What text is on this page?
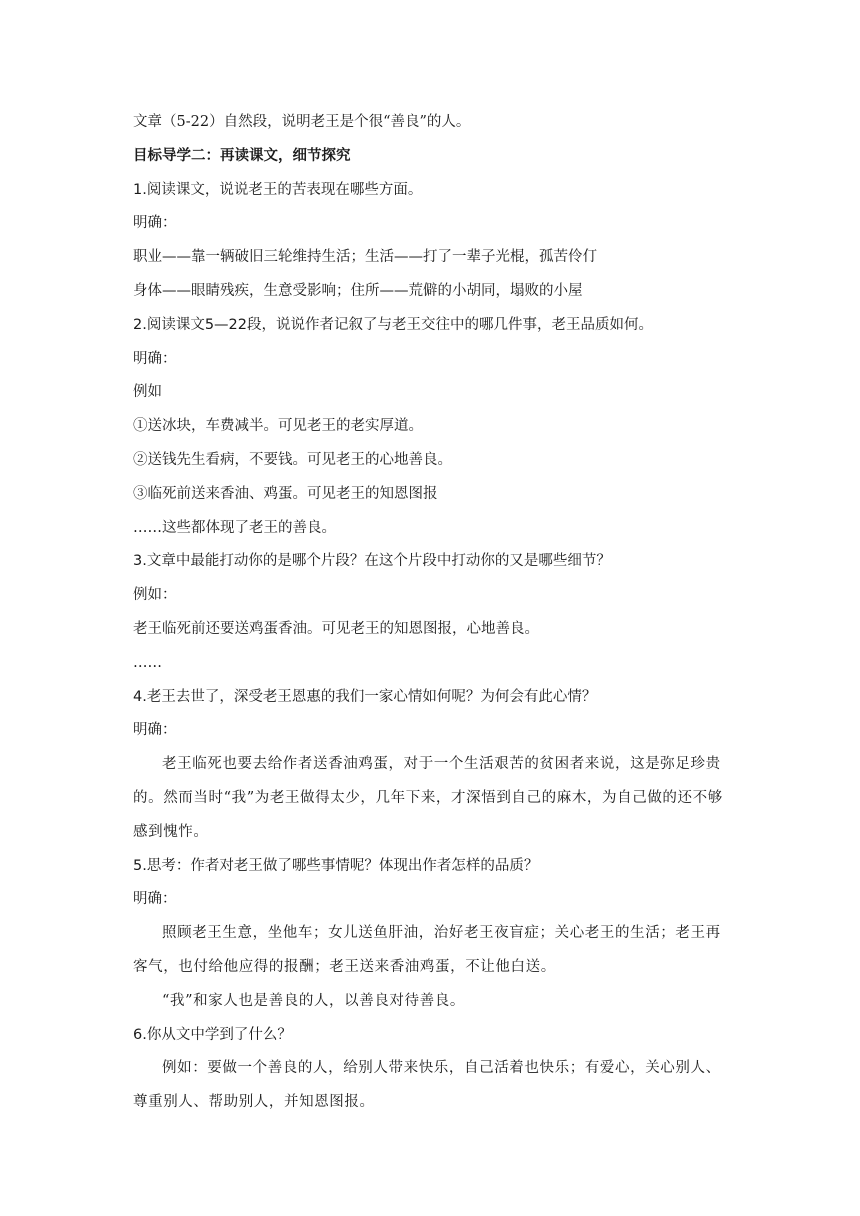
文章（5-22）自然段，说明老王是个很“善良”的人。

目标导学二：再读课文，细节探究

1.阅读课文，说说老王的苦表现在哪些方面。

明确：

职业——靠一辆破旧三轮维持生活；生活——打了一辈子光棍，孤苦伶仃

身体——眼睛残疾，生意受影响；住所——荒僻的小胡同，塌败的小屋

2.阅读课文5—22段，说说作者记叙了与老王交往中的哪几件事，老王品质如何。

明确：

例如

①送冰块，车费减半。可见老王的老实厚道。

②送钱先生看病，不要钱。可见老王的心地善良。

③临死前送来香油、鸡蛋。可见老王的知恩图报

……这些都体现了老王的善良。

3.文章中最能打动你的是哪个片段？在这个片段中打动你的又是哪些细节？

例如：

老王临死前还要送鸡蛋香油。可见老王的知恩图报，心地善良。

……

4.老王去世了，深受老王恩惠的我们一家心情如何呢？为何会有此心情？

明确：

老王临死也要去给作者送香油鸡蛋，对于一个生活艰苦的贫困者来说，这是弥足珍贵的。然而当时“我”为老王做得太少，几年下来，才深悟到自己的麻木，为自己做的还不够感到愧怍。

5.思考：作者对老王做了哪些事情呢？体现出作者怎样的品质？

明确：

照顾老王生意，坐他车；女儿送鱼肝油，治好老王夜盲症；关心老王的生活；老王再客气，也付给他应得的报酬；老王送来香油鸡蛋，不让他白送。

“我”和家人也是善良的人，以善良对待善良。

6.你从文中学到了什么？

例如：要做一个善良的人，给别人带来快乐，自己活着也快乐；有爱心，关心别人、尊重别人、帮助别人，并知恩图报。
